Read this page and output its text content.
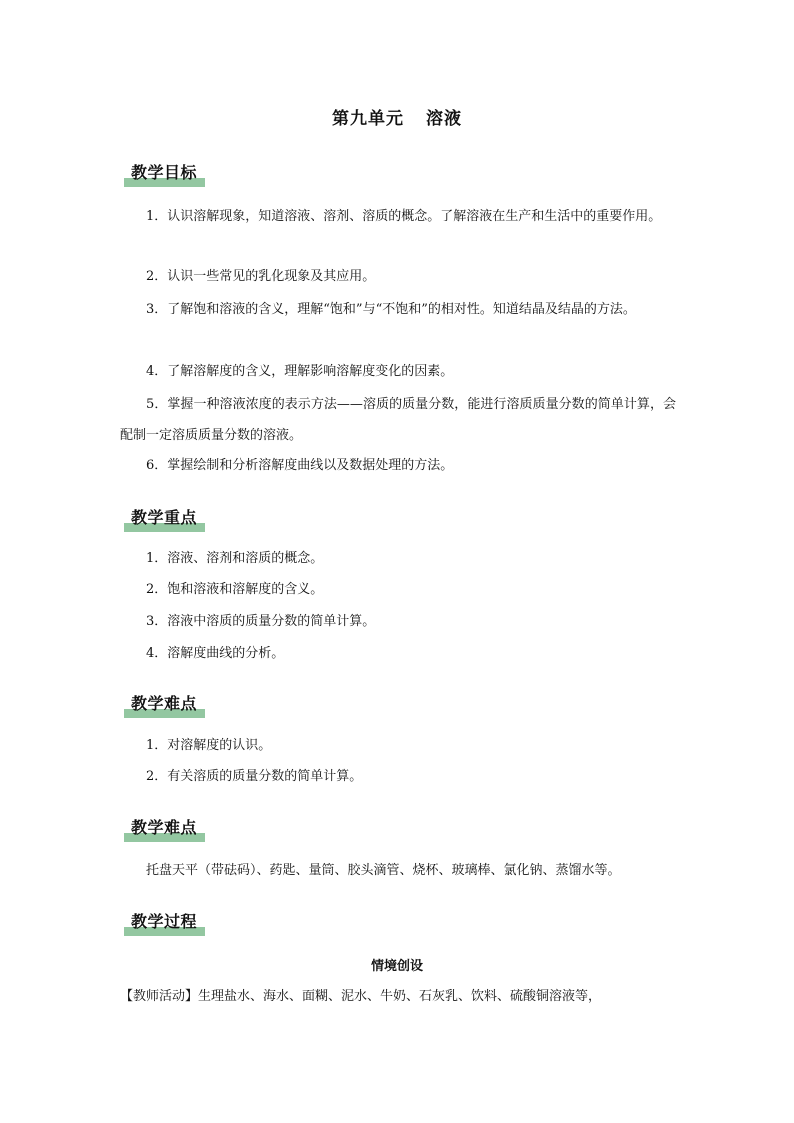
第九单元 溶液
教学目标
1．认识溶解现象，知道溶液、溶剂、溶质的概念。了解溶液在生产和生活中的重要作用。
2．认识一些常见的乳化现象及其应用。
3．了解饱和溶液的含义，理解“饱和”与“不饱和”的相对性。知道结晶及结晶的方法。
4．了解溶解度的含义，理解影响溶解度变化的因素。
5．掌握一种溶液浓度的表示方法——溶质的质量分数，能进行溶质质量分数的简单计算，会配制一定溶质质量分数的溶液。
6．掌握绘制和分析溶解度曲线以及数据处理的方法。
教学重点
1．溶液、溶剂和溶质的概念。
2．饱和溶液和溶解度的含义。
3．溶液中溶质的质量分数的简单计算。
4．溶解度曲线的分析。
教学难点
1．对溶解度的认识。
2．有关溶质的质量分数的简单计算。
教学难点
托盘天平（带砝码）、药匙、量筒、胶头滴管、烧杯、玻璃棒、氯化钠、蒸馏水等。
教学过程
情境创设
【教师活动】生理盐水、海水、面糊、泥水、牛奶、石灰乳、饮料、硫酸铜溶液等，
